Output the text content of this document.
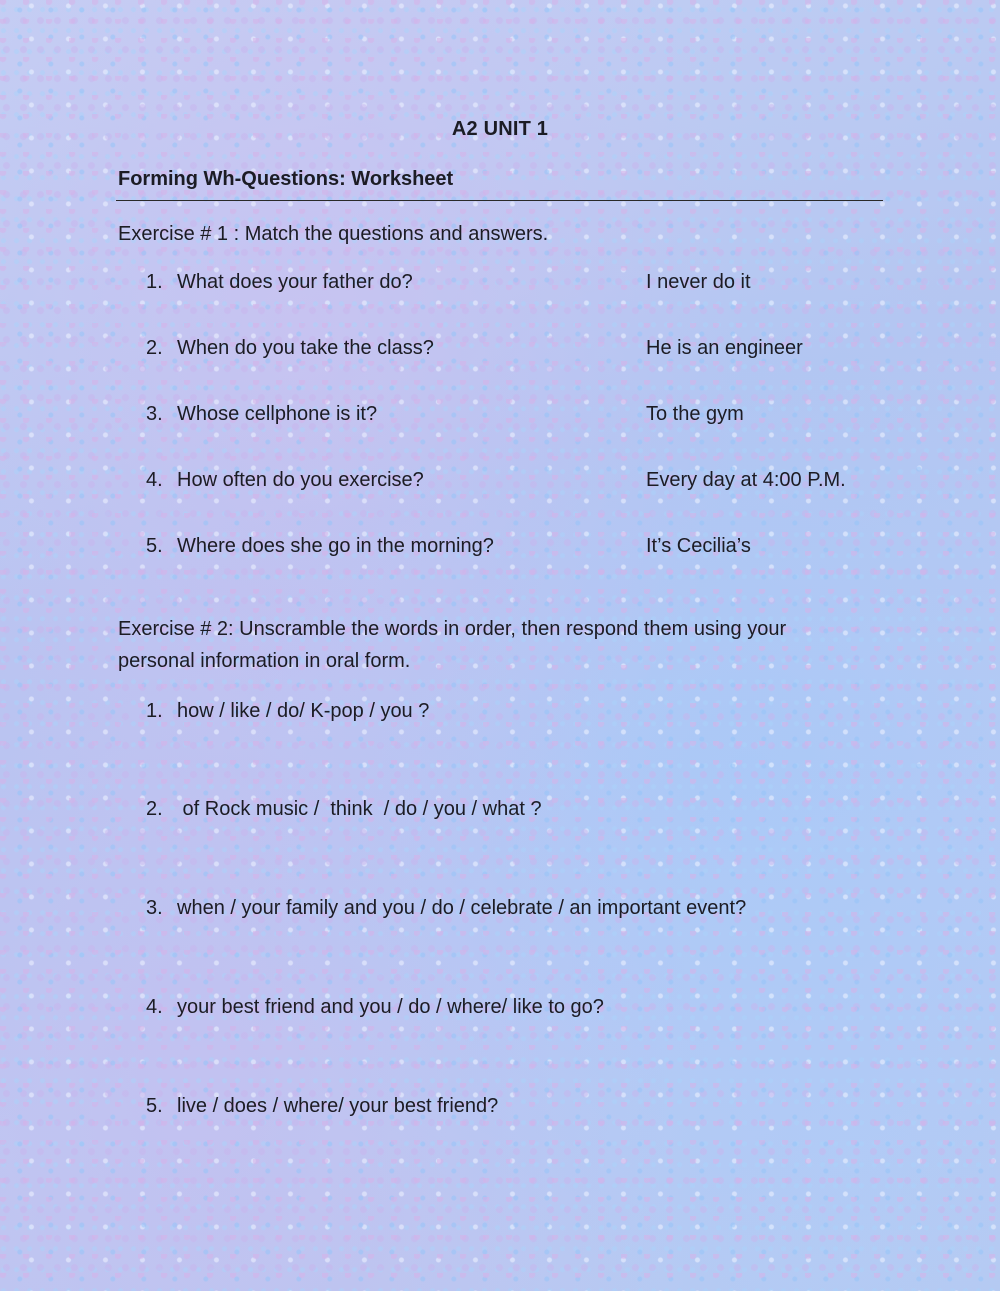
A2 UNIT 1
Forming Wh-Questions: Worksheet
Exercise # 1 : Match the questions and answers.
1. What does your father do?	I never do it
2. When do you take the class?	He is an engineer
3. Whose cellphone is it?	To the gym
4. How often do you exercise?	Every day at 4:00 P.M.
5. Where does she go in the morning?	It’s Cecilia’s
Exercise # 2: Unscramble the words in order, then respond them using your personal information in oral form.
1. how / like / do/ K-pop / you ?
2. of Rock music /  think  / do / you / what ?
3. when / your family and you / do / celebrate / an important event?
4. your best friend and you / do / where/ like to go?
5. live / does / where/ your best friend?
